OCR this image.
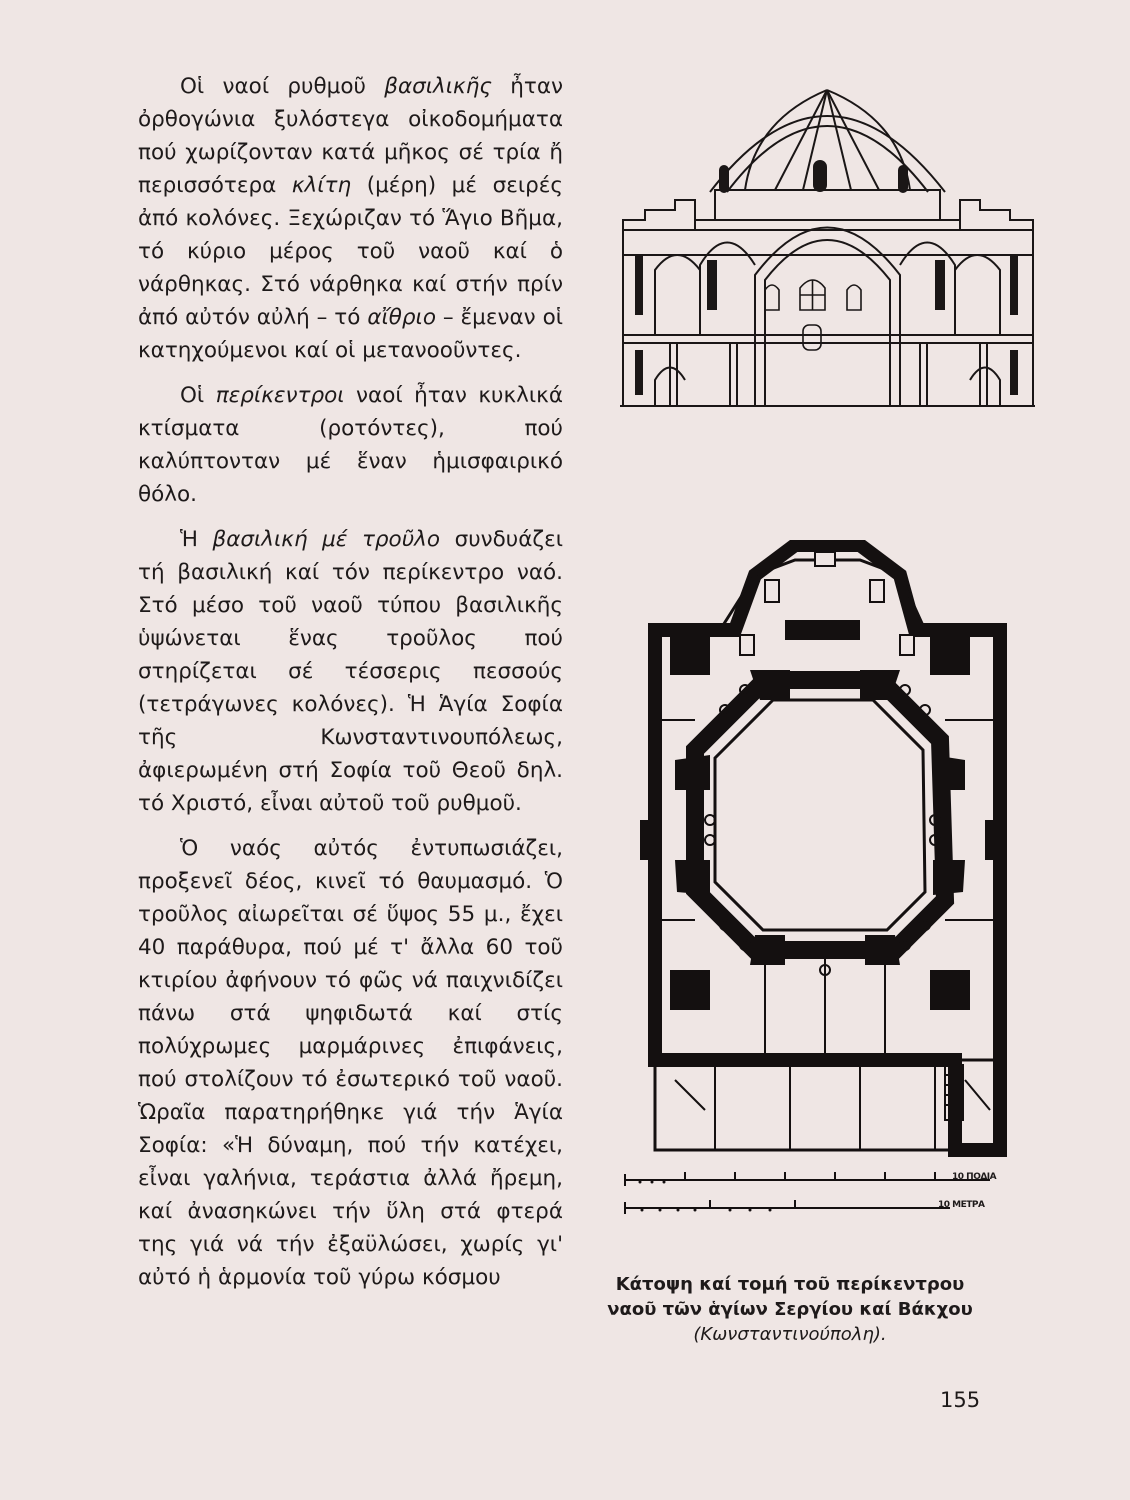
Οἱ ναοί ρυθμοῦ βασιλικῆς ἦταν ὀρθογώνια ξυλόστεγα οἰκοδομήματα πού χωρίζονταν κατά μῆκος σέ τρία ἤ περισσότερα κλίτη (μέρη) μέ σειρές ἀπό κολόνες. Ξεχώριζαν τό Ἅγιο Βῆμα, τό κύριο μέρος τοῦ ναοῦ καί ὁ νάρθηκας. Στό νάρθηκα καί στήν πρίν ἀπό αὐτόν αὐλή – τό αἴθριο – ἔμεναν οἱ κατηχούμενοι καί οἱ μετανοοῦντες.

Οἱ περίκεντροι ναοί ἦταν κυκλικά κτίσματα (ροτόντες), πού καλύπτονταν μέ ἕναν ἡμισφαιρικό θόλο.

Ἡ βασιλική μέ τροῦλο συνδυάζει τή βασιλική καί τόν περίκεντρο ναό. Στό μέσο τοῦ ναοῦ τύπου βασιλικῆς ὑψώνεται ἕνας τροῦλος πού στηρίζεται σέ τέσσερις πεσσούς (τετράγωνες κολόνες). Ἡ Ἁγία Σοφία τῆς Κωνσταντινουπόλεως, ἀφιερωμένη στή Σοφία τοῦ Θεοῦ δηλ. τό Χριστό, εἶναι αὐτοῦ τοῦ ρυθμοῦ.

Ὁ ναός αὐτός ἐντυπωσιάζει, προξενεῖ δέος, κινεῖ τό θαυμασμό. Ὁ τροῦλος αἰωρεῖται σέ ὕψος 55 μ., ἔχει 40 παράθυρα, πού μέ τ' ἄλλα 60 τοῦ κτιρίου ἀφήνουν τό φῶς νά παιχνιδίζει πάνω στά ψηφιδωτά καί στίς πολύχρωμες μαρμάρινες ἐπιφάνεις, πού στολίζουν τό ἐσωτερικό τοῦ ναοῦ. Ὡραῖα παρατηρήθηκε γιά τήν Ἁγία Σοφία: «Ἡ δύναμη, πού τήν κατέχει, εἶναι γαλήνια, τεράστια ἀλλά ἤρεμη, καί ἀνασηκώνει τήν ὕλη στά φτερά της γιά νά τήν ἐξαϋλώσει, χωρίς γι' αὐτό ἡ ἁρμονία τοῦ γύρω κόσμου

10 ΠΟΔΙΑ
10 ΜΕΤΡΑ
Κάτοψη καί τομή τοῦ περίκεντρου
ναοῦ τῶν ἁγίων Σεργίου καί Βάκχου
(Κωνσταντινούπολη).
155
